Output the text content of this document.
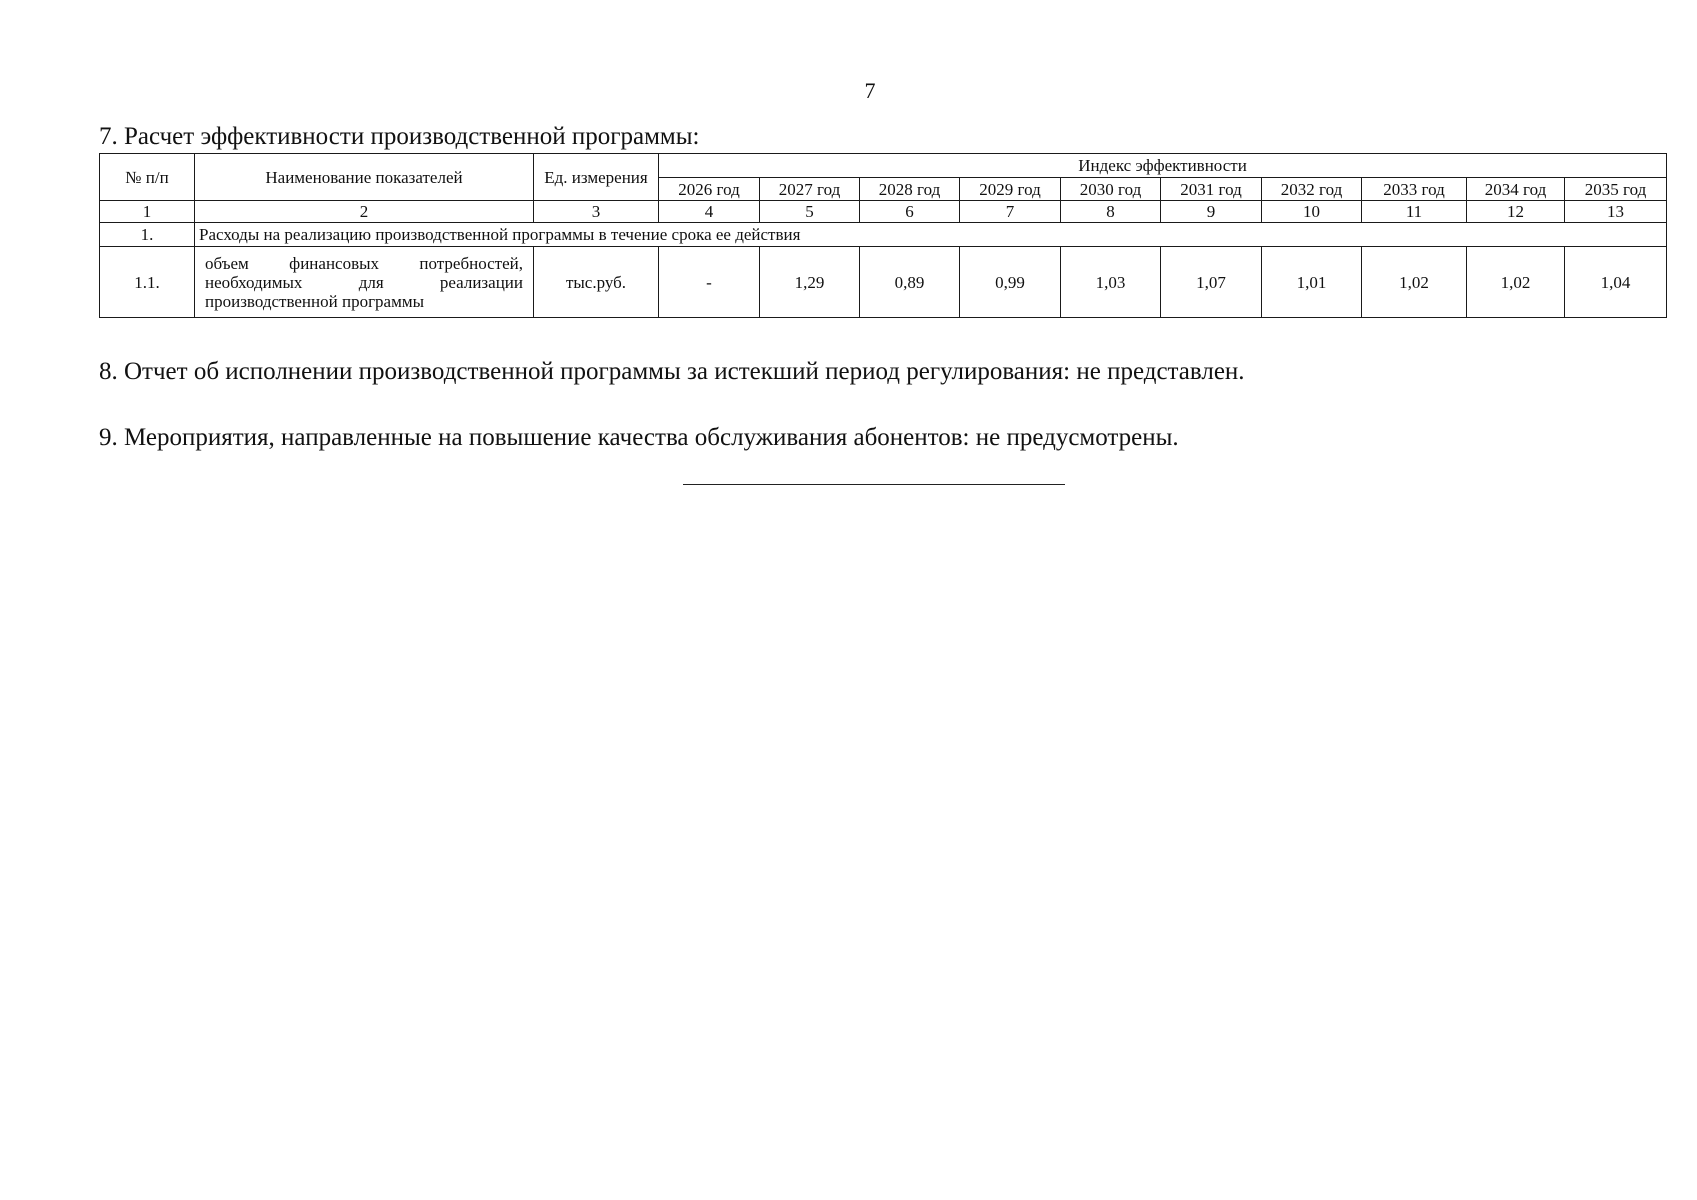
7
7. Расчет эффективности производственной программы:
№ п/п	Наименование показателей	Ед. измерения	Индекс эффективности									
			2026 год	2027 год	2028 год	2029 год	2030 год	2031 год	2032 год	2033 год	2034 год	2035 год
1	2	3	4	5	6	7	8	9	10	11	12	13
1.	Расходы на реализацию производственной программы в течение срока ее действия											
1.1.	объем финансовых потребностей, необходимых для реализации производственной программы	тыс.руб.	-	1,29	0,89	0,99	1,03	1,07	1,01	1,02	1,02	1,04
8. Отчет об исполнении производственной программы за истекший период регулирования: не представлен.
9. Мероприятия, направленные на повышение качества обслуживания абонентов: не предусмотрены.
